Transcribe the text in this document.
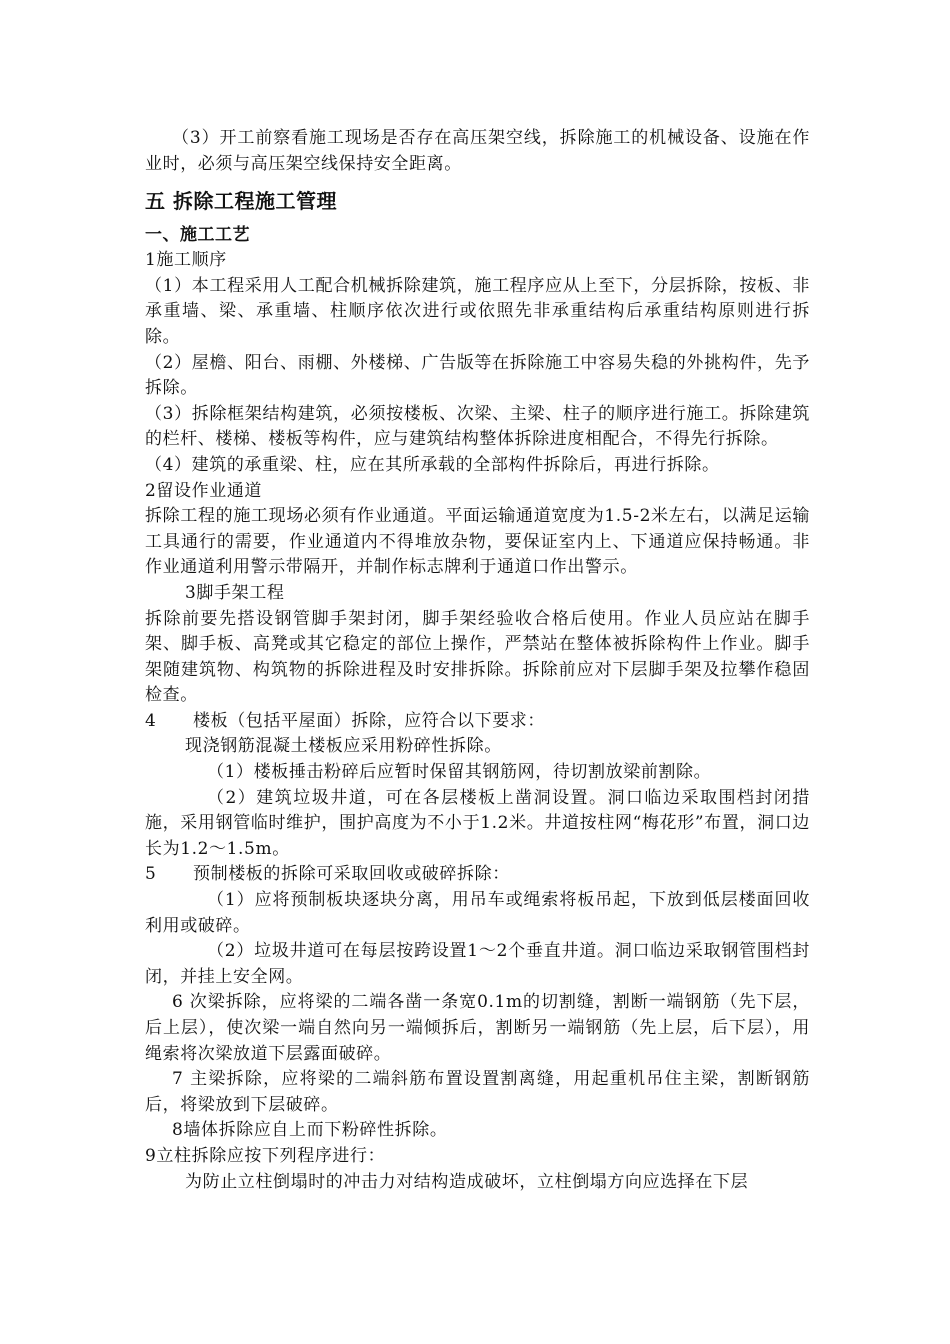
（3）开工前察看施工现场是否存在高压架空线，拆除施工的机械设备、设施在作业时，必须与高压架空线保持安全距离。

五 拆除工程施工管理
一、施工工艺

1施工顺序

（1）本工程采用人工配合机械拆除建筑，施工程序应从上至下，分层拆除，按板、非承重墙、梁、承重墙、柱顺序依次进行或依照先非承重结构后承重结构原则进行拆除。

（2）屋檐、阳台、雨棚、外楼梯、广告版等在拆除施工中容易失稳的外挑构件，先予拆除。

（3）拆除框架结构建筑，必须按楼板、次梁、主梁、柱子的顺序进行施工。拆除建筑的栏杆、楼梯、楼板等构件，应与建筑结构整体拆除进度相配合，不得先行拆除。

（4）建筑的承重梁、柱，应在其所承载的全部构件拆除后，再进行拆除。

2留设作业通道

拆除工程的施工现场必须有作业通道。平面运输通道宽度为1.5-2米左右，以满足运输工具通行的需要，作业通道内不得堆放杂物，要保证室内上、下通道应保持畅通。非作业通道利用警示带隔开，并制作标志牌利于通道口作出警示。

3脚手架工程

拆除前要先搭设钢管脚手架封闭，脚手架经验收合格后使用。作业人员应站在脚手架、脚手板、高凳或其它稳定的部位上操作，严禁站在整体被拆除构件上作业。脚手架随建筑物、构筑物的拆除进程及时安排拆除。拆除前应对下层脚手架及拉攀作稳固检查。

4	楼板（包括平屋面）拆除，应符合以下要求：

现浇钢筋混凝土楼板应采用粉碎性拆除。

（1）楼板捶击粉碎后应暂时保留其钢筋网，待切割放梁前割除。

（2）建筑垃圾井道，可在各层楼板上凿洞设置。洞口临边采取围档封闭措施，采用钢管临时维护，围护高度为不小于1.2米。井道按柱网“梅花形”布置，洞口边长为1.2～1.5m。

5	预制楼板的拆除可采取回收或破碎拆除：

（1）应将预制板块逐块分离，用吊车或绳索将板吊起，下放到低层楼面回收利用或破碎。

（2）垃圾井道可在每层按跨设置1～2个垂直井道。洞口临边采取钢管围档封闭，并挂上安全网。

6 次梁拆除，应将梁的二端各凿一条宽0.1m的切割缝，割断一端钢筋（先下层，后上层），使次梁一端自然向另一端倾拆后，割断另一端钢筋（先上层，后下层），用绳索将次梁放道下层露面破碎。

7 主梁拆除，应将梁的二端斜筋布置设置割离缝，用起重机吊住主梁，割断钢筋后，将梁放到下层破碎。

8墙体拆除应自上而下粉碎性拆除。

9立柱拆除应按下列程序进行：

为防止立柱倒塌时的冲击力对结构造成破坏，立柱倒塌方向应选择在下层
